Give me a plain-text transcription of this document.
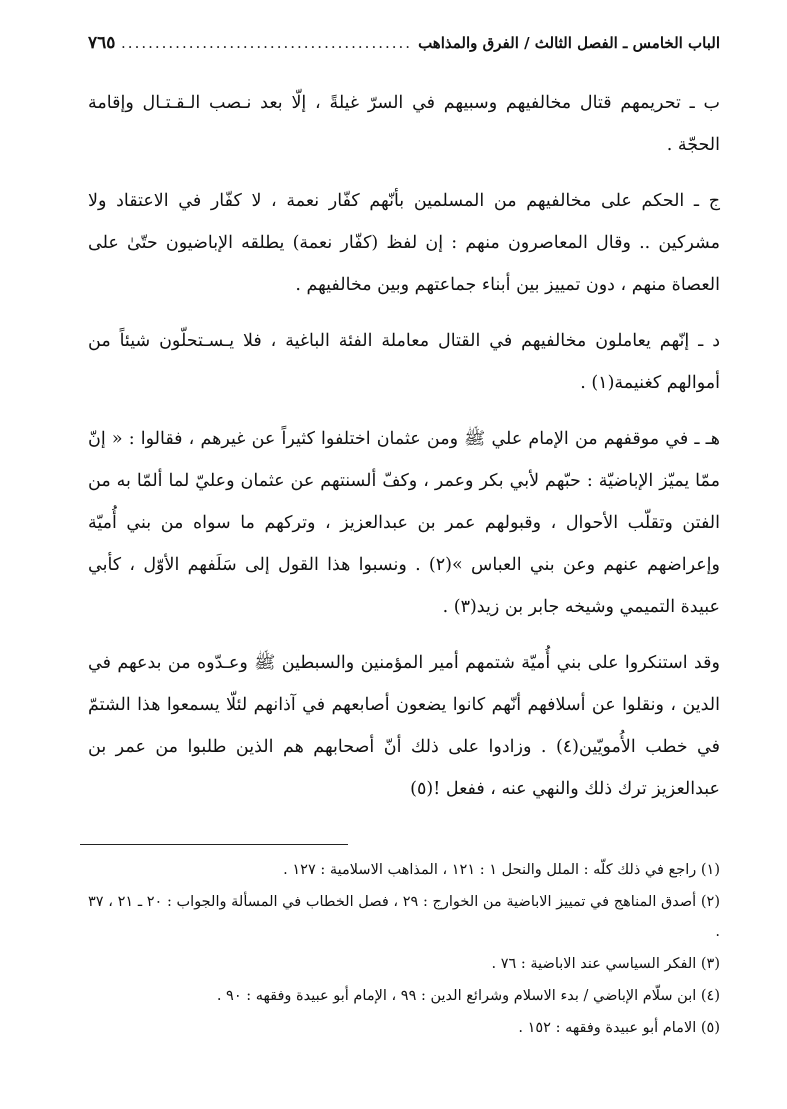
الباب الخامس ـ الفصل الثالث / الفرق والمذاهب
.....
٧٦٥

ب ـ تحريمهم قتال مخالفيهم وسبيهم في السرّ غيلةً ، إلّا بعد نـصب الـقـتـال وإقامة الحجّة .

ج ـ الحكم على مخالفيهم من المسلمين بأنّهم كفّار نعمة ، لا كفّار في الاعتقاد ولا مشركين .. وقال المعاصرون منهم : إن لفظ (كفّار نعمة) يطلقه الإباضيون حتّىٰ على العصاة منهم ، دون تمييز بين أبناء جماعتهم وبين مخالفيهم .

د ـ إنّهم يعاملون مخالفيهم في القتال معاملة الفئة الباغية ، فلا يـسـتحلّون شيئاً من أموالهم كغنيمة(١) .

هـ ـ في موقفهم من الإمام علي ﷺ ومن عثمان اختلفوا كثيراً عن غيرهم ، فقالوا : « إنّ ممّا يميّز الإباضيّة : حبّهم لأبي بكر وعمر ، وكفّ ألسنتهم عن عثمان وعليّ لما ألمّا به من الفتن وتقلّب الأحوال ، وقبولهم عمر بن عبدالعزيز ، وتركهم ما سواه من بني أُميّة وإعراضهم عنهم وعن بني العباس »(٢) . ونسبوا هذا القول إلى سَلَفهم الأوّل ، كأبي عبيدة التميمي وشيخه جابر بن زيد(٣) .

وقد استنكروا على بني أُميّة شتمهم أمير المؤمنين والسبطين ﷺ وعـدّوه من بدعهم في الدين ، ونقلوا عن أسلافهم أنّهم كانوا يضعون أصابعهم في آذانهم لئلّا يسمعوا هذا الشتمّ في خطب الأُمويّين(٤) . وزادوا على ذلك أنّ أصحابهم هم الذين طلبوا من عمر بن عبدالعزيز ترك ذلك والنهي عنه ، ففعل !(٥)

(١) راجع في ذلك كلّه : الملل والنحل ١ : ١٢١ ، المذاهب الاسلامية : ١٢٧ .
(٢) أصدق المناهج في تمييز الاباضية من الخوارج : ٢٩ ، فصل الخطاب في المسألة والجواب : ٢٠ ـ ٢١ ، ٣٧ .
(٣) الفكر السياسي عند الاباضية : ٧٦ .
(٤) ابن سلّام الإباضي / بدء الاسلام وشرائع الدين : ٩٩ ، الإمام أبو عبيدة وفقهه : ٩٠ .
(٥) الامام أبو عبيدة وفقهه : ١٥٢ .
